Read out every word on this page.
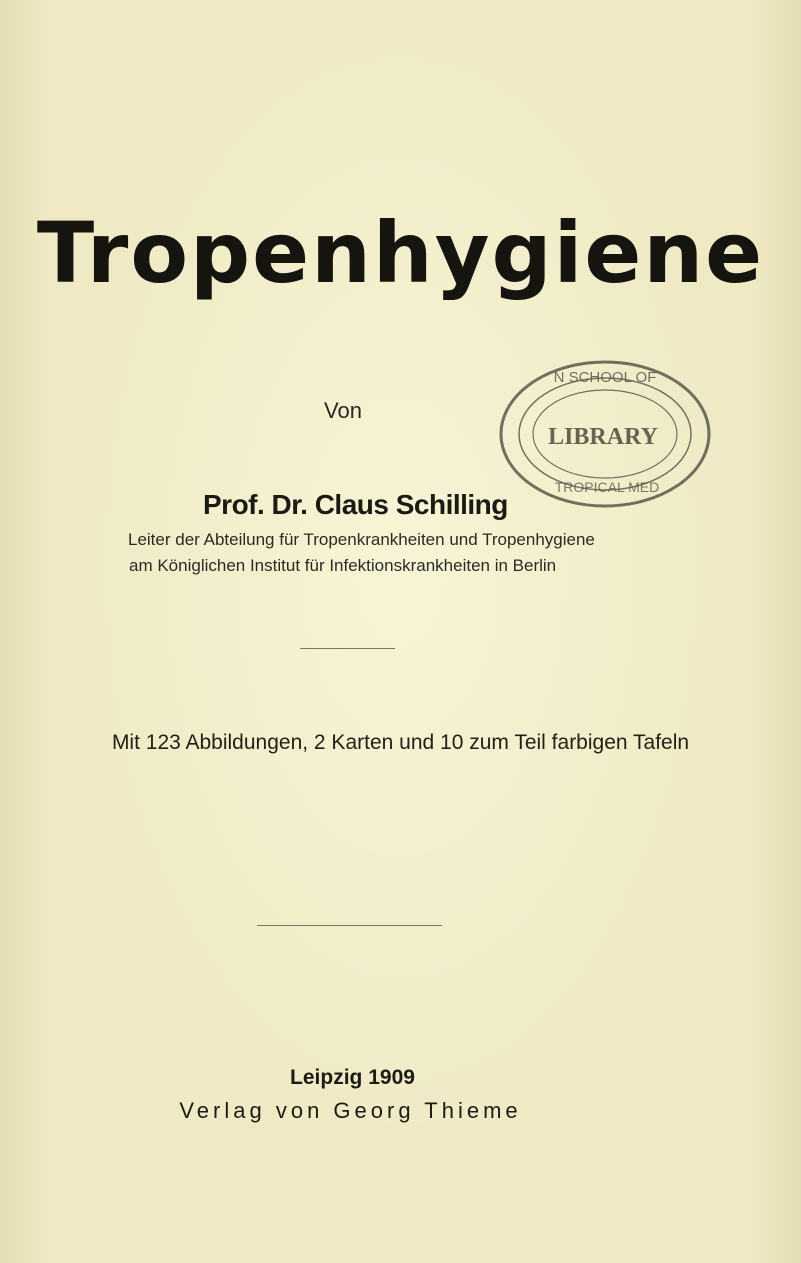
Tropenhygiene
Von
Prof. Dr. Claus Schilling
N SCHOOL OF
LIBRARY
TROPICAL MED
Leiter der Abteilung für Tropenkrankheiten und Tropenhygiene
am Königlichen Institut für Infektionskrankheiten in Berlin
Mit 123 Abbildungen, 2 Karten und 10 zum Teil farbigen Tafeln
Leipzig 1909
Verlag von Georg Thieme
